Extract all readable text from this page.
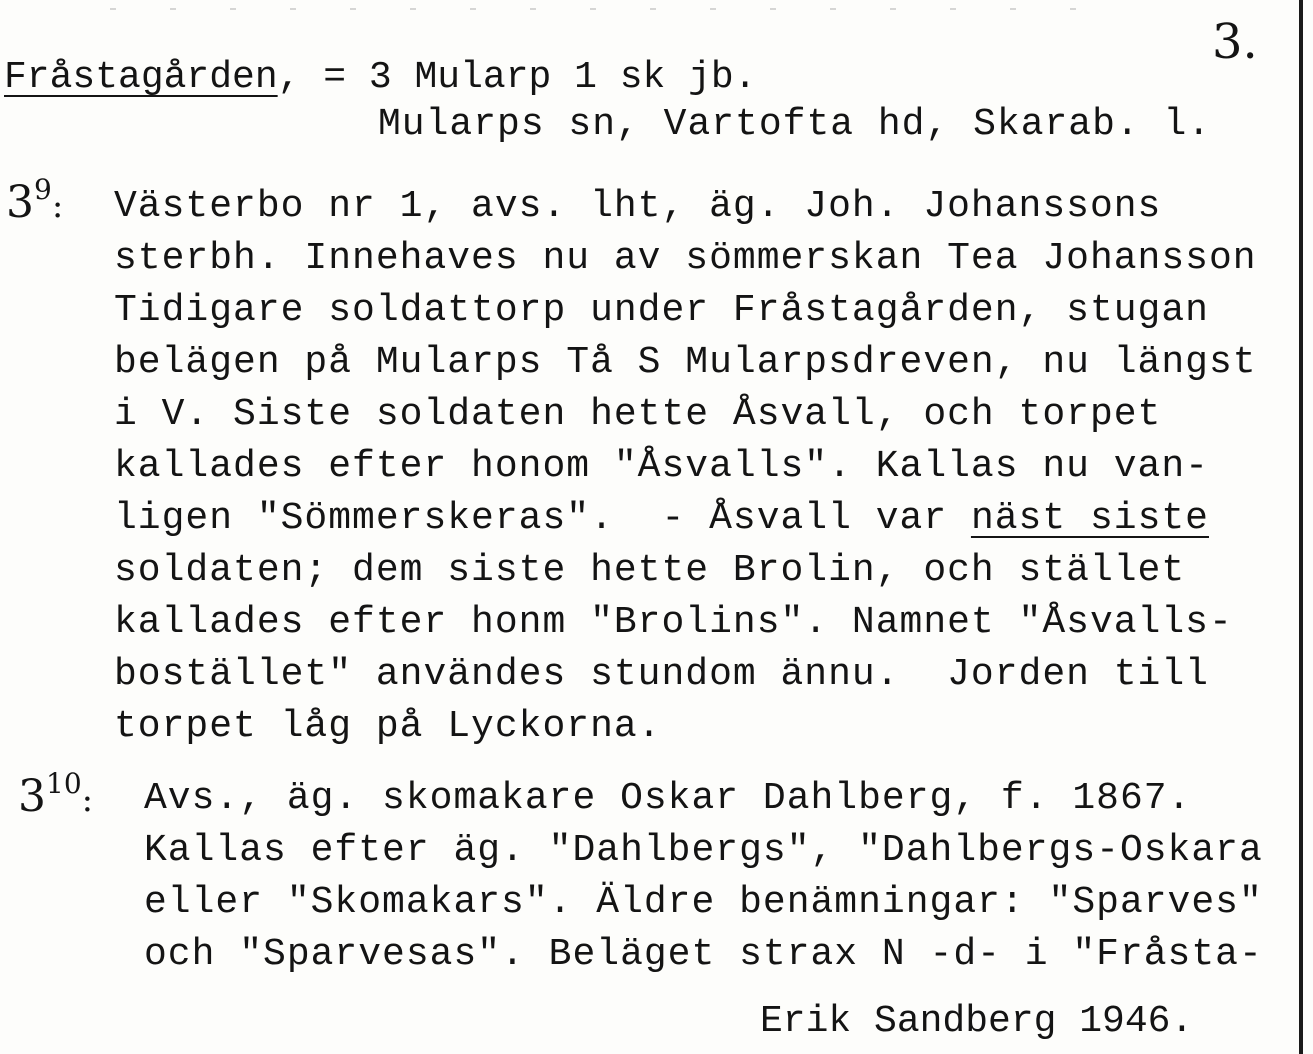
3.
Fråstagården, = 3 Mularp 1 sk jb.
Mularps sn, Vartofta hd, Skarab. l.
$3^9$: Västerbo nr 1, avs. lht, äg. Joh. Johanssons
sterbh. Innehaves nu av sömmerskan Tea Johansson
Tidigare soldattorp under Fråstagården, stugan
belägen på Mularps Tå S Mularpsdreven, nu längst
i V. Siste soldaten hette Åsvall, och torpet
kallades efter honom "Åsvalls". Kallas nu van-
ligen "Sömmerskeras".  - Åsvall var näst siste
soldaten; dem siste hette Brolin, och stället
kallades efter honm "Brolins". Namnet "Åsvalls-
bostället" användes stundom ännu.  Jorden till
torpet låg på Lyckorna.
$3^{10}$: Avs., äg. skomakare Oskar Dahlberg, f. 1867.
Kallas efter äg. "Dahlbergs", "Dahlbergs-Oskara
eller "Skomakars". Äldre benämningar: "Sparves"
och "Sparvesas". Beläget strax N -d- i "Fråsta-
Erik Sandberg 1946.
